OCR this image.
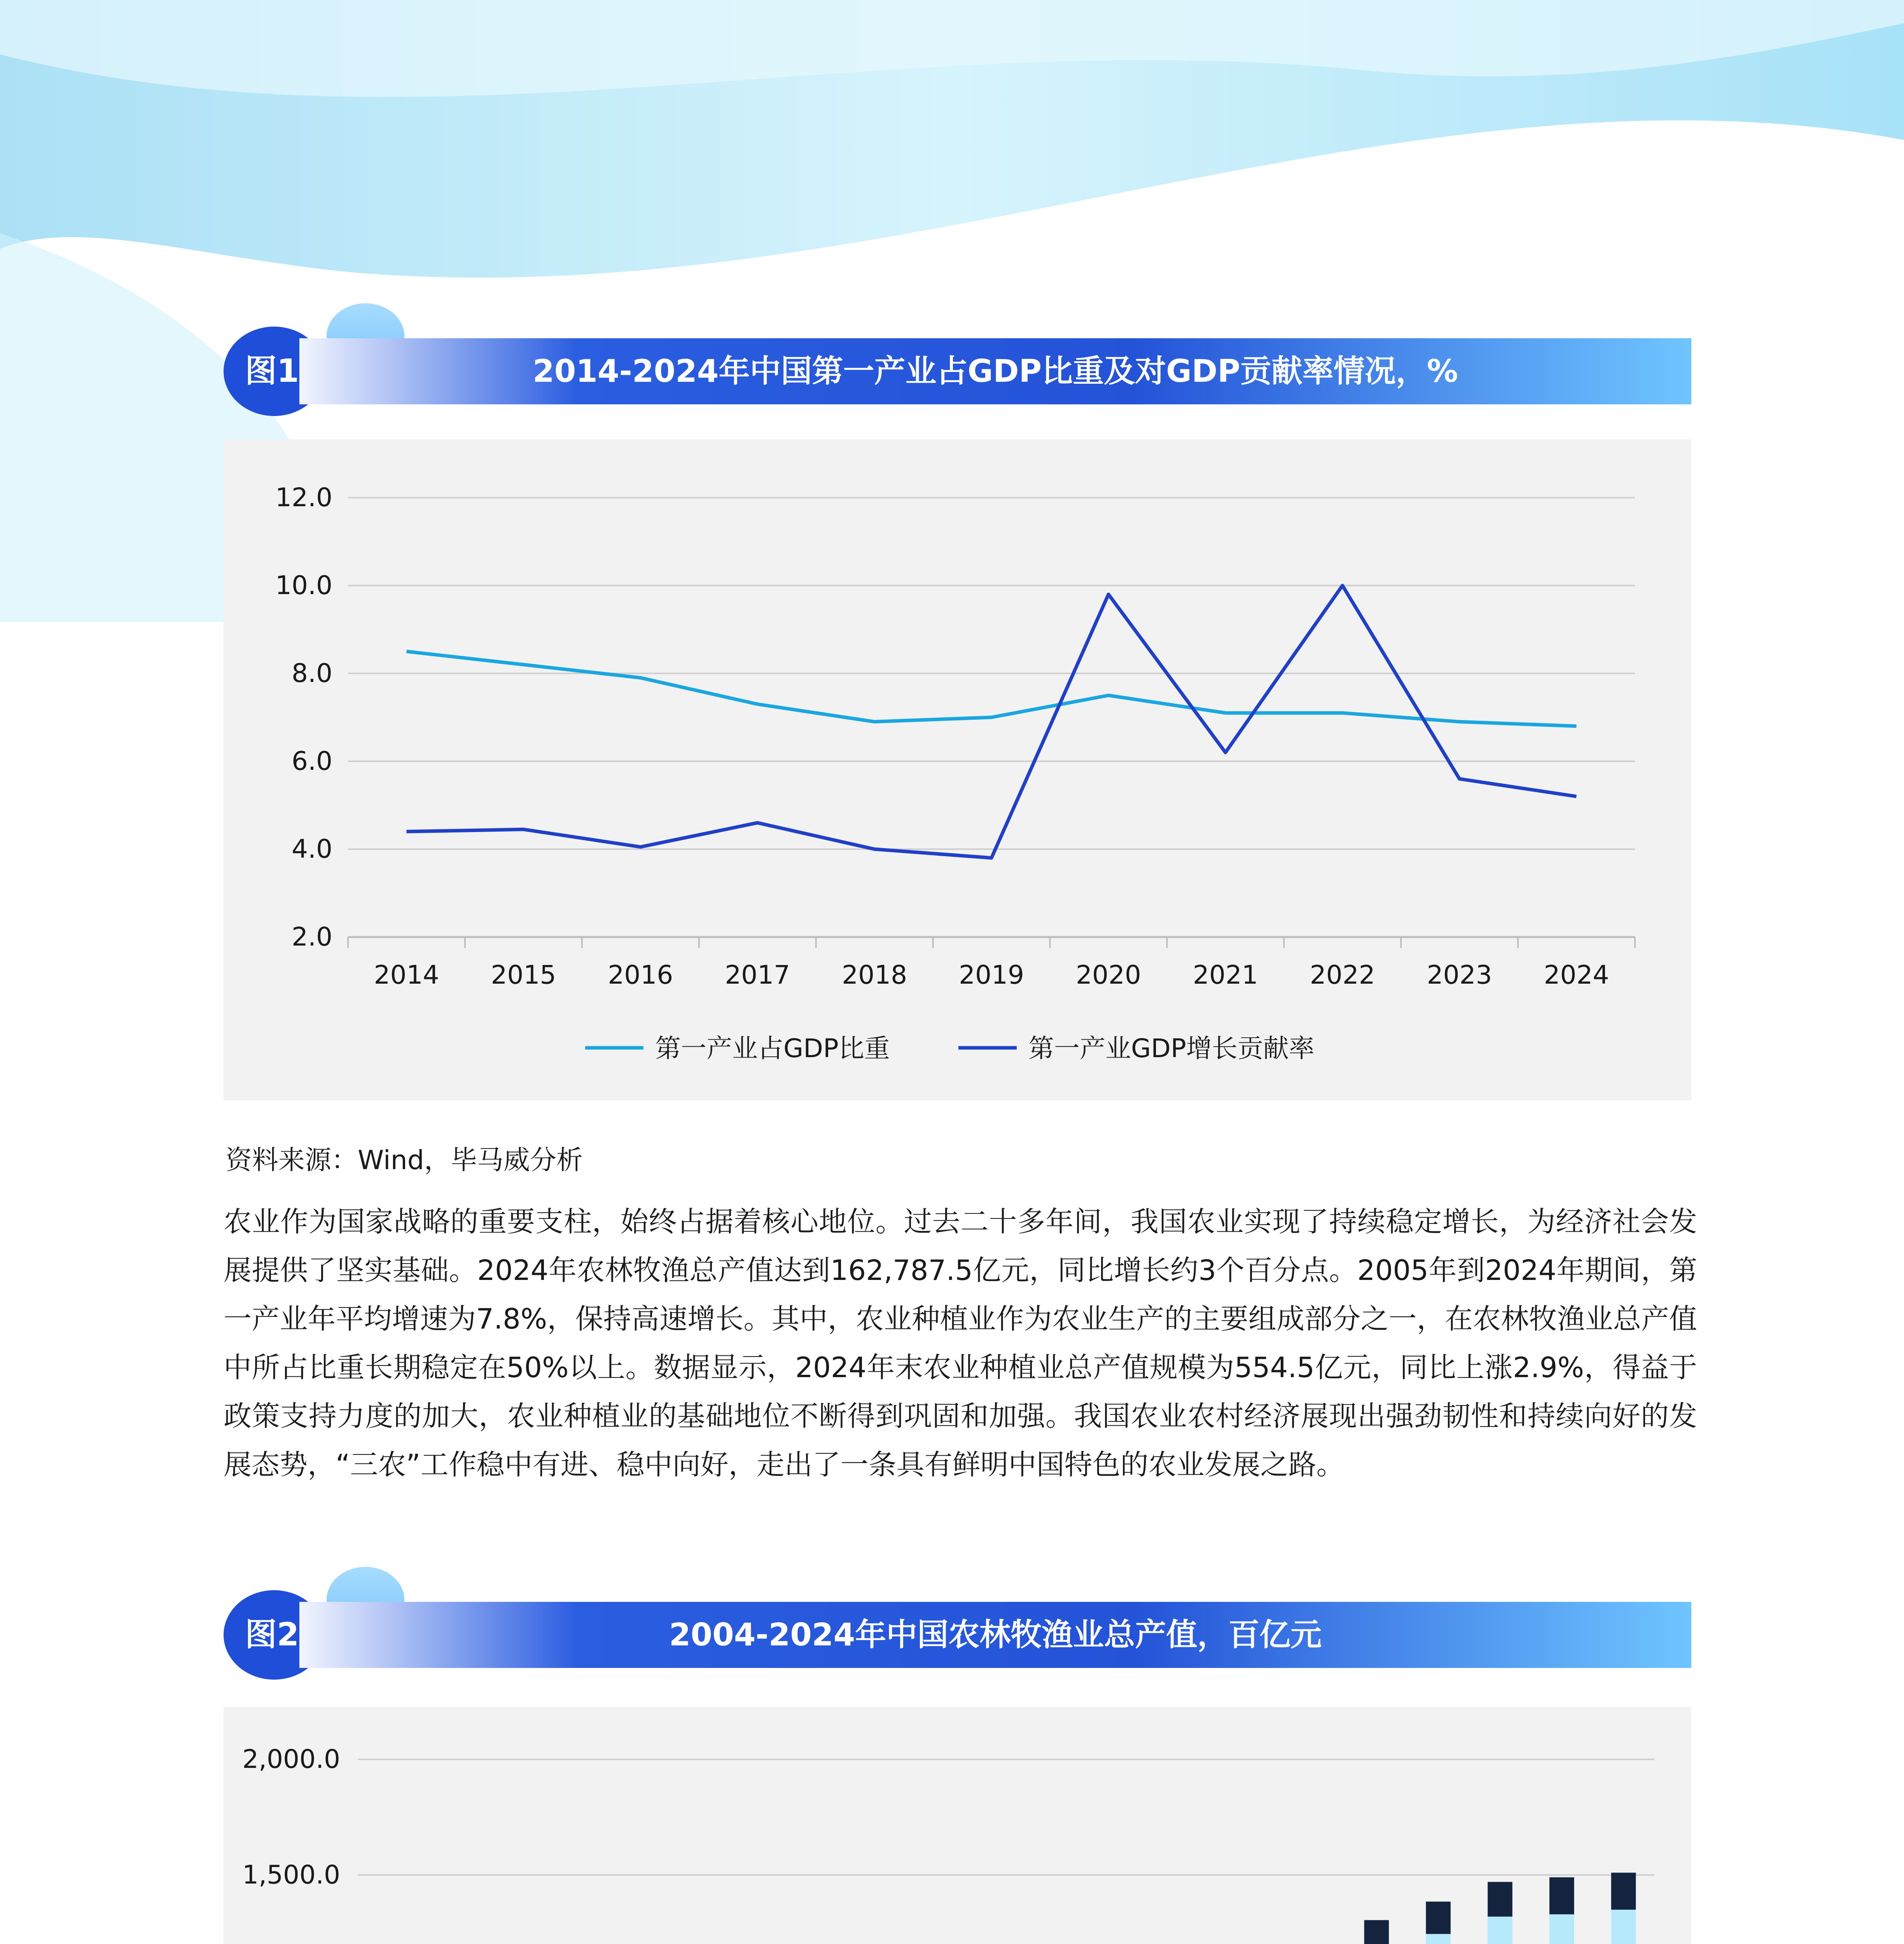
图1	2014-2024年中国第一产业占GDP比重及对GDP贡献率情况，%
2.0
4.0
6.0
8.0
10.0
12.0
2014 2015 2016 2017 2018 2019 2020 2021 2022 2023 2024
第一产业占GDP比重	第一产业GDP增长贡献率
资料来源：Wind，毕马威分析
农业作为国家战略的重要支柱，始终占据着核心地位。过去二十多年间，我国农业实现了持续稳定增长，为经济社会发展提供了坚实基础。2024年农林牧渔总产值达到162,787.5亿元，同比增长约3个百分点。2005年到2024年期间，第一产业年平均增速为7.8%，保持高速增长。其中，农业种植业作为农业生产的主要组成部分之一，在农林牧渔业总产值中所占比重长期稳定在50%以上。数据显示，2024年末农业种植业总产值规模为554.5亿元，同比上涨2.9%，得益于政策支持力度的加大，农业种植业的基础地位不断得到巩固和加强。我国农业农村经济展现出强劲韧性和持续向好的发展态势，“三农”工作稳中有进、稳中向好，走出了一条具有鲜明中国特色的农业发展之路。
图2	2004-2024年中国农林牧渔业总产值，百亿元
1,500.0
2,000.0
